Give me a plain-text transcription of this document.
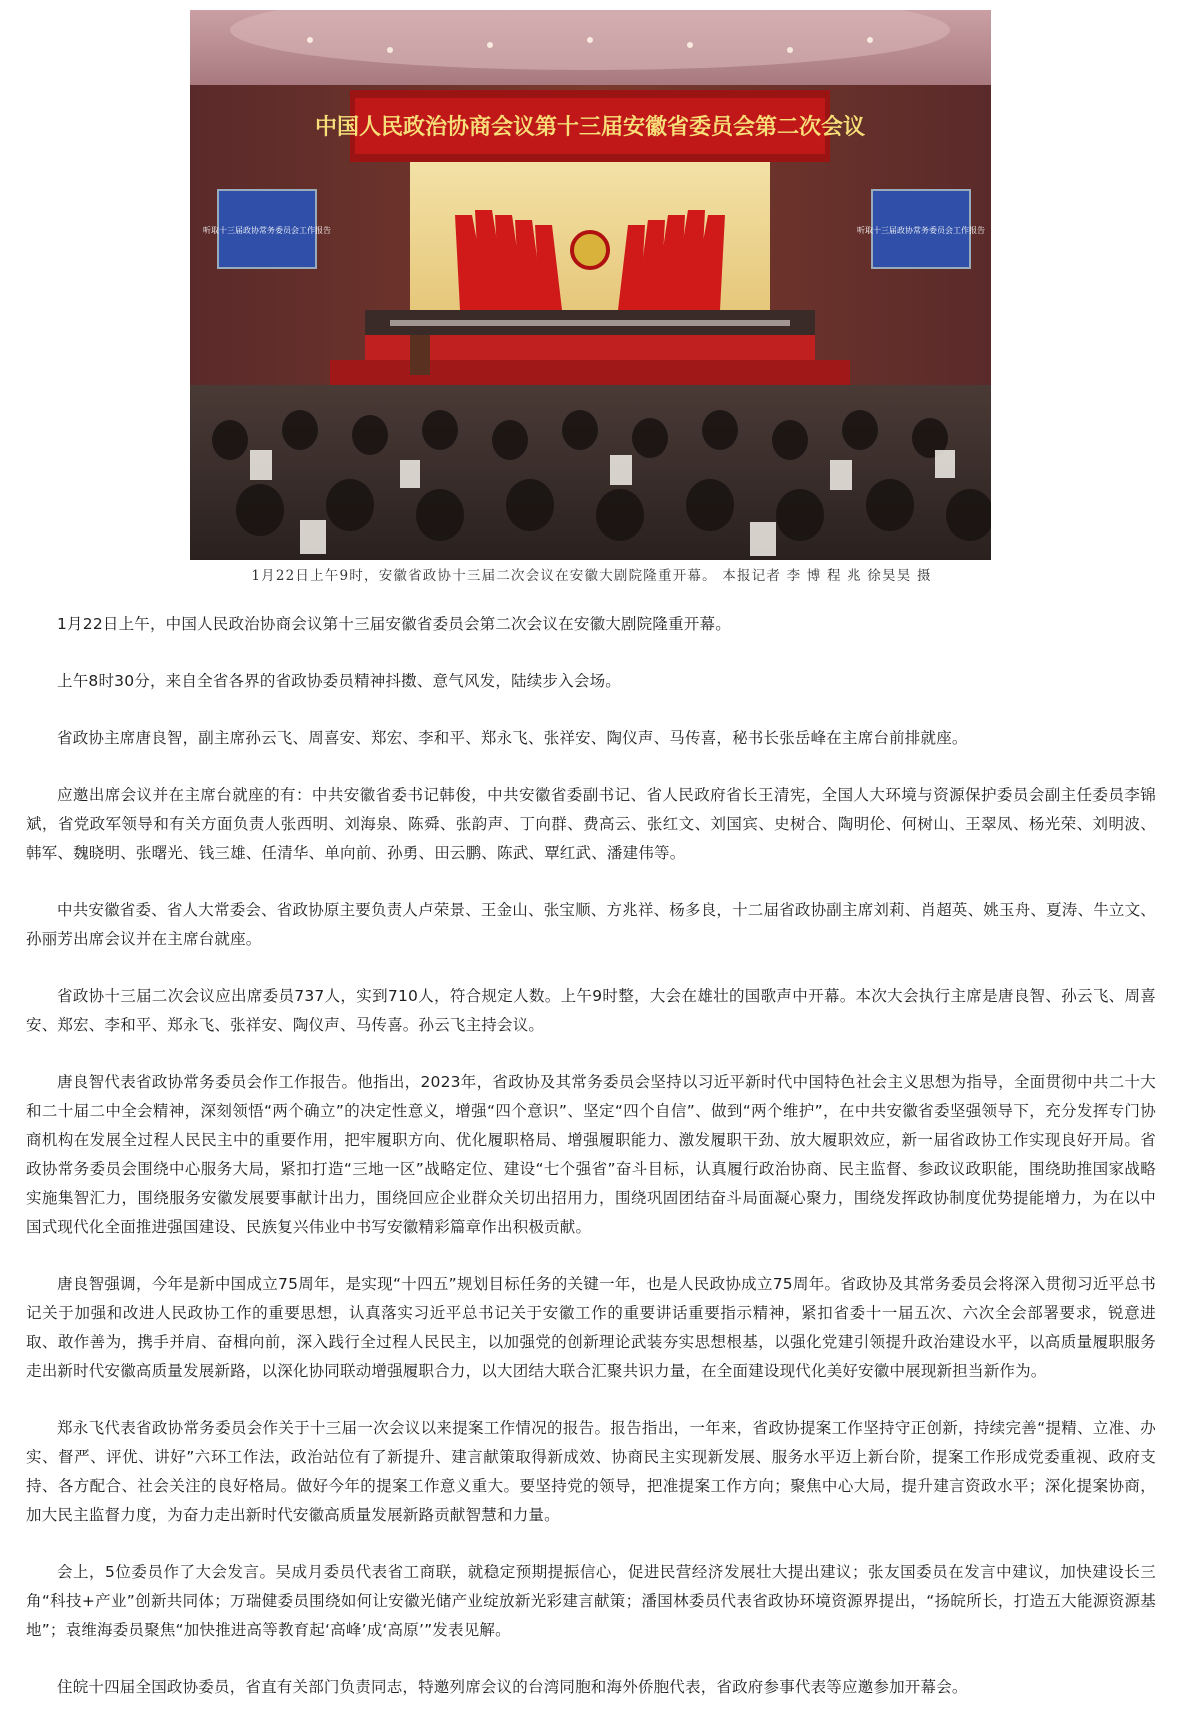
中国人民政治协商会议第十三届安徽省委员会第二次会议
听取十三届政协常务委员会工作报告	听取十三届政协常务委员会工作报告
1月22日上午9时，安徽省政协十三届二次会议在安徽大剧院隆重开幕。 本报记者 李 博 程 兆 徐昊昊 摄

1月22日上午，中国人民政治协商会议第十三届安徽省委员会第二次会议在安徽大剧院隆重开幕。

上午8时30分，来自全省各界的省政协委员精神抖擞、意气风发，陆续步入会场。

省政协主席唐良智，副主席孙云飞、周喜安、郑宏、李和平、郑永飞、张祥安、陶仪声、马传喜，秘书长张岳峰在主席台前排就座。

应邀出席会议并在主席台就座的有：中共安徽省委书记韩俊，中共安徽省委副书记、省人民政府省长王清宪，全国人大环境与资源保护委员会副主任委员李锦斌，省党政军领导和有关方面负责人张西明、刘海泉、陈舜、张韵声、丁向群、费高云、张红文、刘国宾、史树合、陶明伦、何树山、王翠凤、杨光荣、刘明波、韩军、魏晓明、张曙光、钱三雄、任清华、单向前、孙勇、田云鹏、陈武、覃红武、潘建伟等。

中共安徽省委、省人大常委会、省政协原主要负责人卢荣景、王金山、张宝顺、方兆祥、杨多良，十二届省政协副主席刘莉、肖超英、姚玉舟、夏涛、牛立文、孙丽芳出席会议并在主席台就座。

省政协十三届二次会议应出席委员737人，实到710人，符合规定人数。上午9时整，大会在雄壮的国歌声中开幕。本次大会执行主席是唐良智、孙云飞、周喜安、郑宏、李和平、郑永飞、张祥安、陶仪声、马传喜。孙云飞主持会议。

唐良智代表省政协常务委员会作工作报告。他指出，2023年，省政协及其常务委员会坚持以习近平新时代中国特色社会主义思想为指导，全面贯彻中共二十大和二十届二中全会精神，深刻领悟“两个确立”的决定性意义，增强“四个意识”、坚定“四个自信”、做到“两个维护”，在中共安徽省委坚强领导下，充分发挥专门协商机构在发展全过程人民民主中的重要作用，把牢履职方向、优化履职格局、增强履职能力、激发履职干劲、放大履职效应，新一届省政协工作实现良好开局。省政协常务委员会围绕中心服务大局，紧扣打造“三地一区”战略定位、建设“七个强省”奋斗目标，认真履行政治协商、民主监督、参政议政职能，围绕助推国家战略实施集智汇力，围绕服务安徽发展要事献计出力，围绕回应企业群众关切出招用力，围绕巩固团结奋斗局面凝心聚力，围绕发挥政协制度优势提能增力，为在以中国式现代化全面推进强国建设、民族复兴伟业中书写安徽精彩篇章作出积极贡献。

唐良智强调，今年是新中国成立75周年，是实现“十四五”规划目标任务的关键一年，也是人民政协成立75周年。省政协及其常务委员会将深入贯彻习近平总书记关于加强和改进人民政协工作的重要思想，认真落实习近平总书记关于安徽工作的重要讲话重要指示精神，紧扣省委十一届五次、六次全会部署要求，锐意进取、敢作善为，携手并肩、奋楫向前，深入践行全过程人民民主，以加强党的创新理论武装夯实思想根基，以强化党建引领提升政治建设水平，以高质量履职服务走出新时代安徽高质量发展新路，以深化协同联动增强履职合力，以大团结大联合汇聚共识力量，在全面建设现代化美好安徽中展现新担当新作为。

郑永飞代表省政协常务委员会作关于十三届一次会议以来提案工作情况的报告。报告指出，一年来，省政协提案工作坚持守正创新，持续完善“提精、立准、办实、督严、评优、讲好”六环工作法，政治站位有了新提升、建言献策取得新成效、协商民主实现新发展、服务水平迈上新台阶，提案工作形成党委重视、政府支持、各方配合、社会关注的良好格局。做好今年的提案工作意义重大。要坚持党的领导，把准提案工作方向；聚焦中心大局，提升建言资政水平；深化提案协商，加大民主监督力度，为奋力走出新时代安徽高质量发展新路贡献智慧和力量。

会上，5位委员作了大会发言。吴成月委员代表省工商联，就稳定预期提振信心，促进民营经济发展壮大提出建议；张友国委员在发言中建议，加快建设长三角“科技+产业”创新共同体；万瑞健委员围绕如何让安徽光储产业绽放新光彩建言献策；潘国林委员代表省政协环境资源界提出，“扬皖所长，打造五大能源资源基地”；袁维海委员聚焦“加快推进高等教育起‘高峰’成‘高原’”发表见解。

住皖十四届全国政协委员，省直有关部门负责同志，特邀列席会议的台湾同胞和海外侨胞代表，省政府参事代表等应邀参加开幕会。
